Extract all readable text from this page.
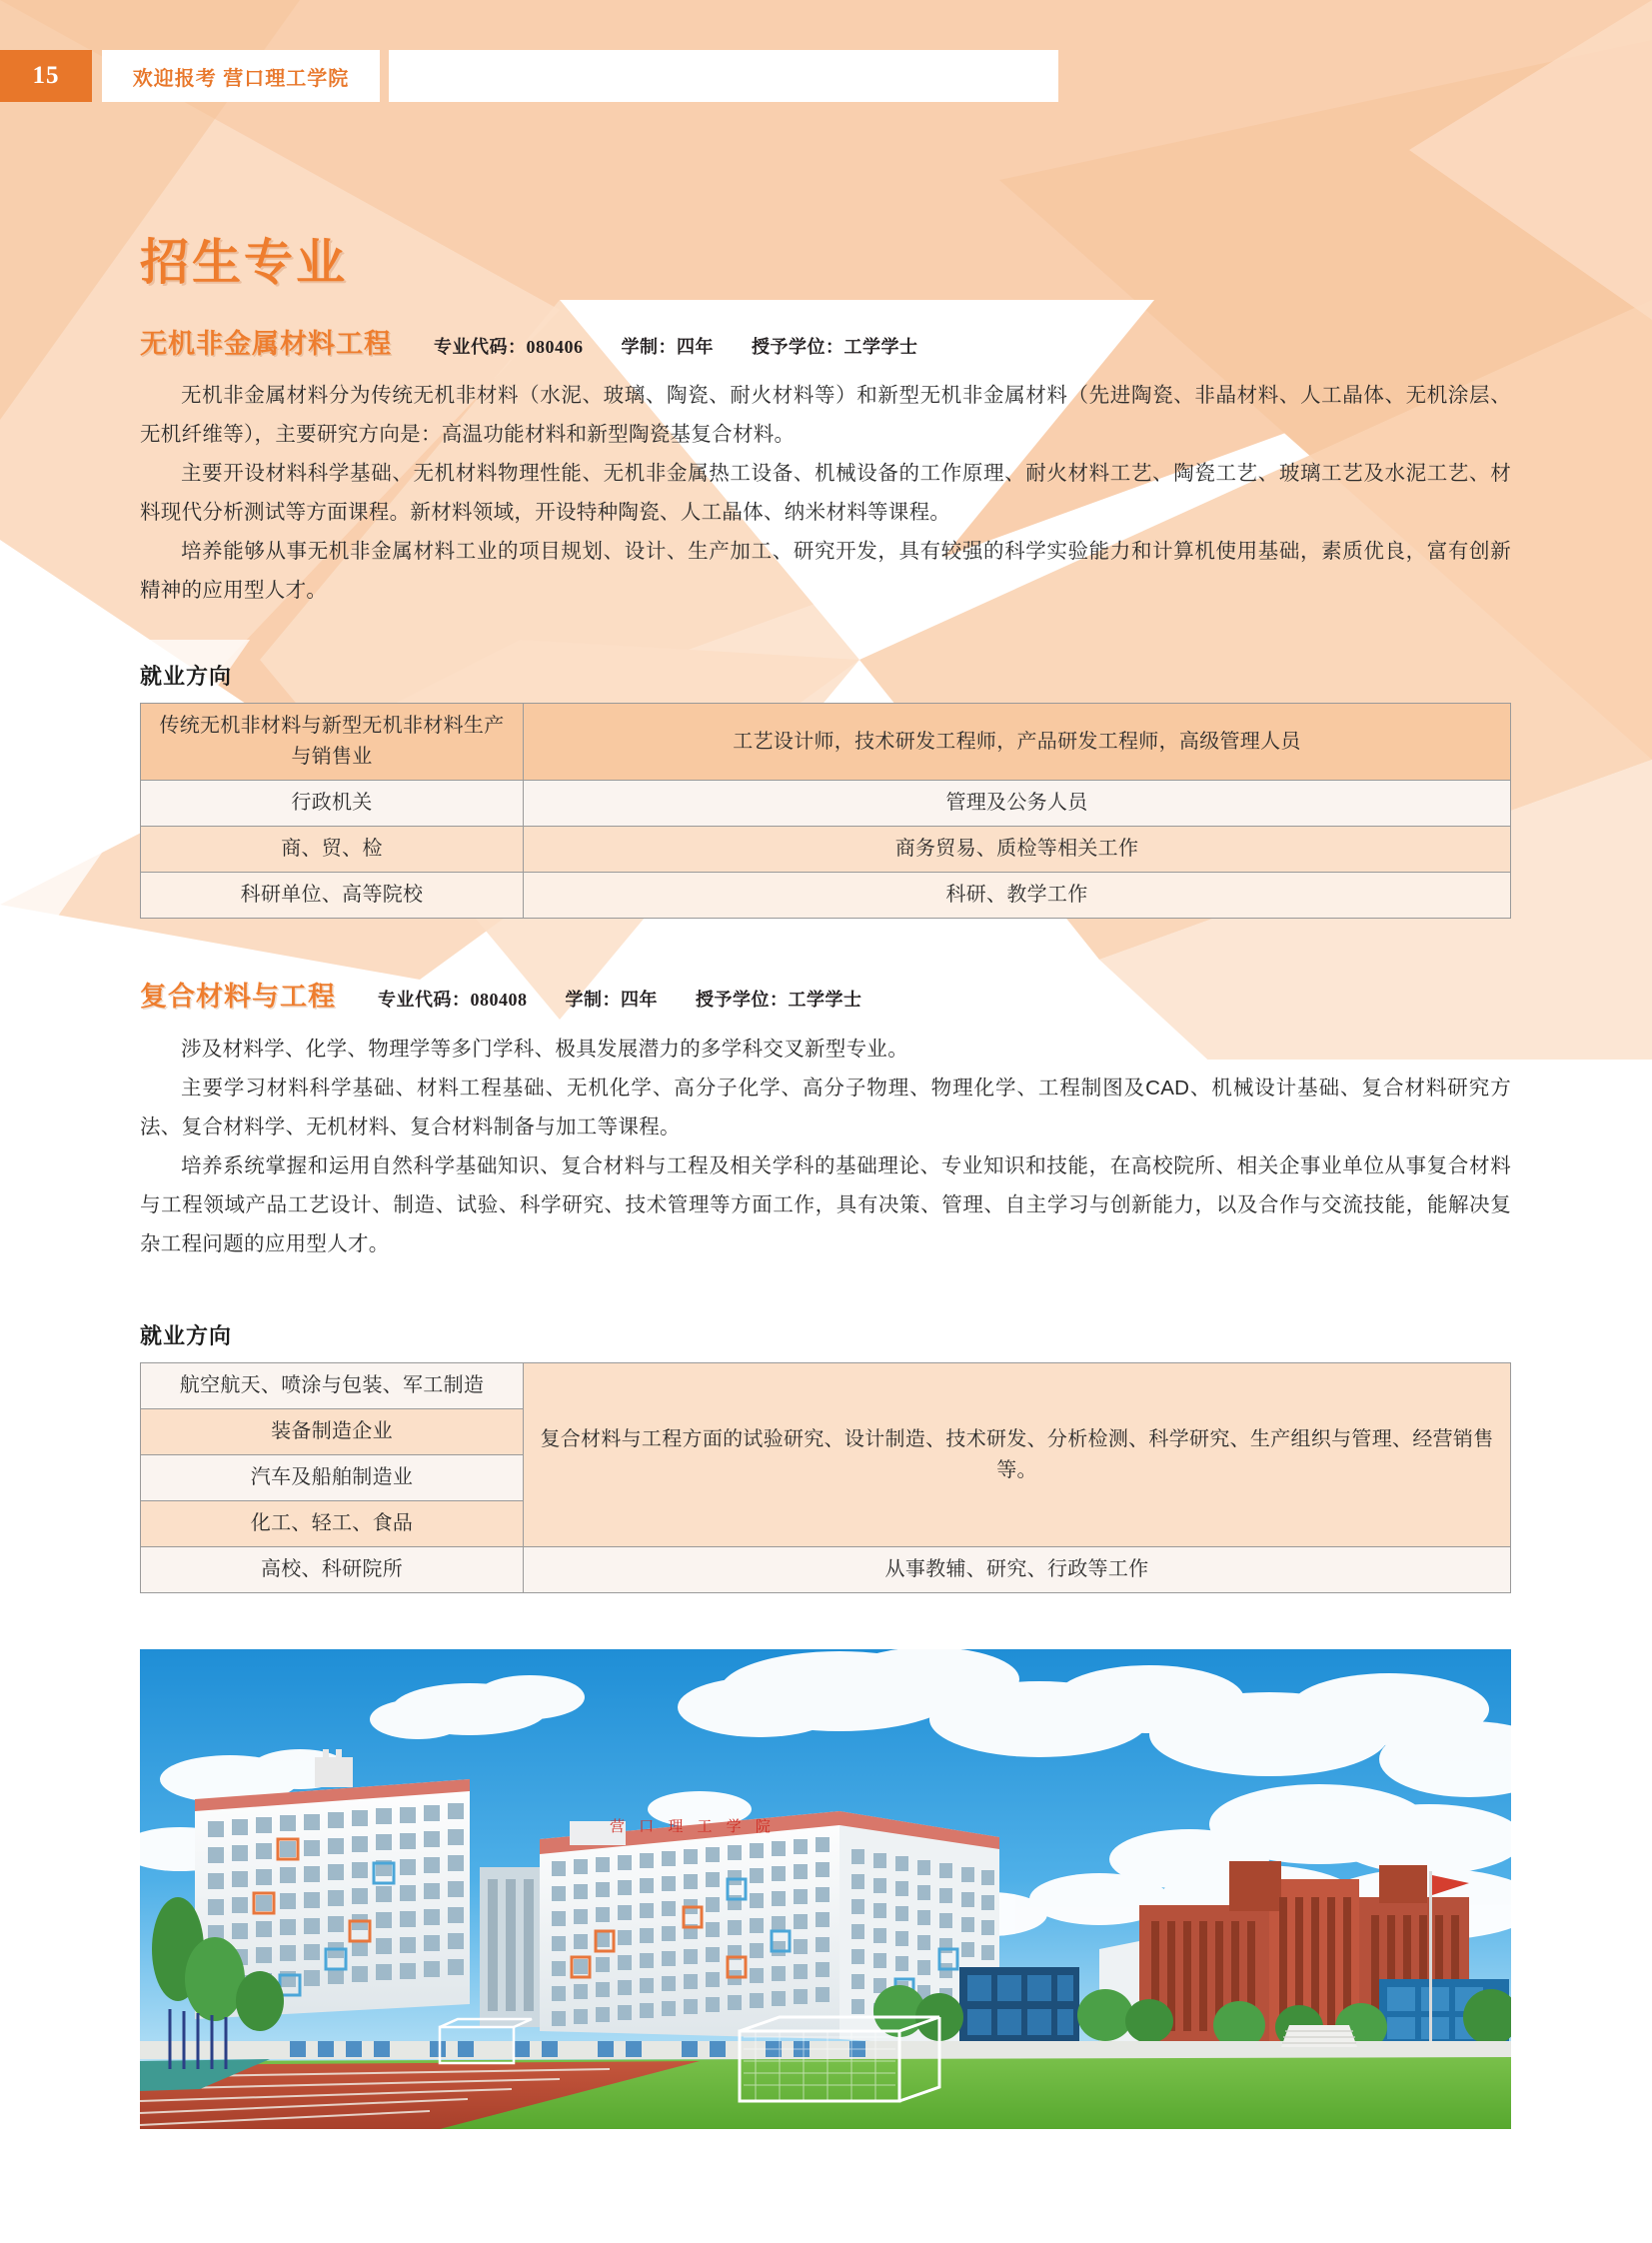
15	欢迎报考 营口理工学院
招生专业
无机非金属材料工程 专业代码：080406 学制：四年 授予学位：工学学士

无机非金属材料分为传统无机非材料（水泥、玻璃、陶瓷、耐火材料等）和新型无机非金属材料（先进陶瓷、非晶材料、人工晶体、无机涂层、无机纤维等），主要研究方向是：高温功能材料和新型陶瓷基复合材料。

主要开设材料科学基础、无机材料物理性能、无机非金属热工设备、机械设备的工作原理、耐火材料工艺、陶瓷工艺、玻璃工艺及水泥工艺、材料现代分析测试等方面课程。新材料领域，开设特种陶瓷、人工晶体、纳米材料等课程。

培养能够从事无机非金属材料工业的项目规划、设计、生产加工、研究开发，具有较强的科学实验能力和计算机使用基础，素质优良，富有创新精神的应用型人才。

就业方向
传统无机非材料与新型无机非材料生产与销售业	工艺设计师，技术研发工程师，产品研发工程师，高级管理人员
行政机关	管理及公务人员
商、贸、检	商务贸易、质检等相关工作
科研单位、高等院校	科研、教学工作
复合材料与工程 专业代码：080408 学制：四年 授予学位：工学学士

涉及材料学、化学、物理学等多门学科、极具发展潜力的多学科交叉新型专业。

主要学习材料科学基础、材料工程基础、无机化学、高分子化学、高分子物理、物理化学、工程制图及CAD、机械设计基础、复合材料研究方法、复合材料学、无机材料、复合材料制备与加工等课程。

培养系统掌握和运用自然科学基础知识、复合材料与工程及相关学科的基础理论、专业知识和技能，在高校院所、相关企事业单位从事复合材料与工程领域产品工艺设计、制造、试验、科学研究、技术管理等方面工作，具有决策、管理、自主学习与创新能力，以及合作与交流技能，能解决复杂工程问题的应用型人才。

就业方向
航空航天、喷涂与包装、军工制造	复合材料与工程方面的试验研究、设计制造、技术研发、分析检测、科学研究、生产组织与管理、经营销售等。
装备制造企业	
汽车及船舶制造业	
化工、轻工、食品	
高校、科研院所	从事教辅、研究、行政等工作
营 口 理 工 学 院
